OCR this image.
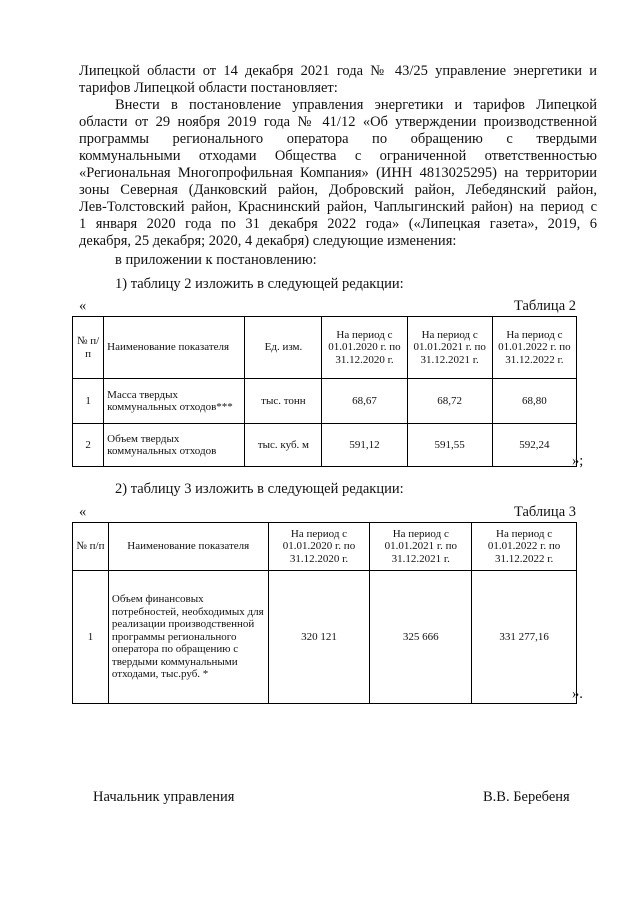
Липецкой области от 14 декабря 2021 года № 43/25 управление энергетики и
тарифов Липецкой области постановляет:
Внести в постановление управления энергетики и тарифов Липецкой
области от 29 ноября 2019 года № 41/12 «Об утверждении производственной
программы регионального оператора по обращению с твердыми
коммунальными отходами Общества с ограниченной ответственностью
«Региональная Многопрофильная Компания» (ИНН 4813025295) на территории
зоны Северная (Данковский район, Добровский район, Лебедянский район,
Лев-Толстовский район, Краснинский район, Чаплыгинский район) на период с
1 января 2020 года по 31 декабря 2022 года» («Липецкая газета», 2019, 6
декабря, 25 декабря; 2020, 4 декабря) следующие изменения:
в приложении к постановлению:
1) таблицу 2 изложить в следующей редакции:
«	Таблица 2
№ п/п	Наименование показателя	Ед. изм.	На период с 01.01.2020 г. по 31.12.2020 г.	На период с 01.01.2021 г. по 31.12.2021 г.	На период с 01.01.2022 г. по 31.12.2022 г.
1	Масса твердых коммунальных отходов***	тыс. тонн	68,67	68,72	68,80
2	Объем твердых коммунальных отходов	тыс. куб. м	591,12	591,55	592,24
»;
2) таблицу 3 изложить в следующей редакции:
«	Таблица 3
№ п/п	Наименование показателя	На период с 01.01.2020 г. по 31.12.2020 г.	На период с 01.01.2021 г. по 31.12.2021 г.	На период с 01.01.2022 г. по 31.12.2022 г.
1	Объем финансовых потребностей, необходимых для реализации производственной программы регионального оператора по обращению с твердыми коммунальными отходами, тыс.руб. *	320 121	325 666	331 277,16
».
Начальник управления	В.В. Беребеня
